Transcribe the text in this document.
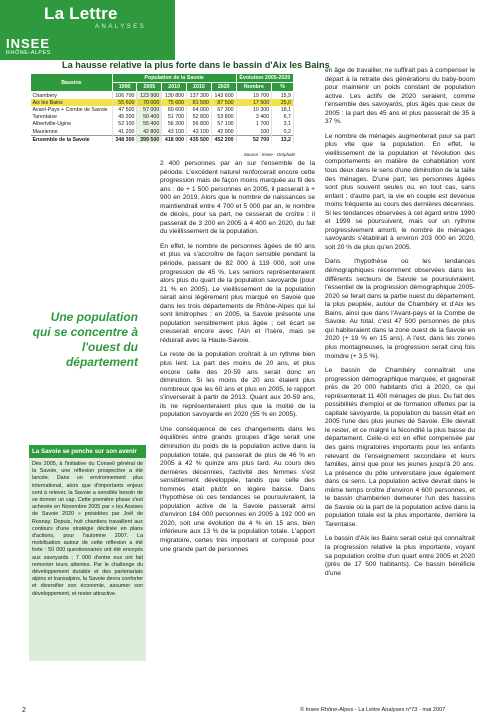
La Lettre
ANALYSES
INSEE
RHÔNE-ALPES
La hausse relative la plus forte dans le bassin d'Aix les Bains
Bassins	Population de la Savoie					Évolution 2005-2020	
	1990	2005	2010	2015	2020	Nombre	%
Chambéry	106 700	123 900	130 800	137 300	143 600	19 700	15,9
Aix les Bains	55 600	70 000	75 600	81 500	87 500	17 500	25,0
Avant-Pays + Combe de Savoie	47 500	57 000	60 600	64 000	67 300	10 300	18,1
Tarentaise	45 200	50 400	51 700	52 800	53 800	3 400	6,7
Albertville-Ugine	52 100	55 400	56 200	56 800	57 100	1 700	3,1
Maurienne	41 200	42 800	43 100	43 100	42 900	100	0,2
Ensemble de la Savoie	348 300	399 500	418 000	435 500	452 200	52 700	13,2
Source : Insee - Omphale
Une population qui se concentre à l'ouest du département
La Savoie se penche sur son avenir
Dès 2005, à l'initiative du Conseil général de la Savoie, une réflexion prospective a été lancée. Dans un environnement plus international, alors que d'importants enjeux sont à relever, la Savoie a sensible besoin de se donner un cap. Cette première phase s'est achevée en Novembre 2005 par « les Assises de Savoie 2020 » présidées par Joël de Rosnay. Depuis, huit chantiers travaillent aux contours d'une stratégie déclinée en plans d'actions, pour l'automne 2007. La mobilisation autour de cette réflexion a été forte : 50 000 questionnaires ont été envoyés aux savoyards ; 7 000 d'entre eux ont fait remonter leurs attentes. Par le challenge du développement durable et des partenariats alpins et transalpins, la Savoie devra conforter et diversifier son économie, assumer son développement, et rester attractive.

2 400 personnes par an sur l'ensemble de la période. L'excédent naturel renforcerait encore cette progression mais de façon moins marquée au fil des ans : de + 1 500 personnes en 2005, il passerait à + 900 en 2019. Alors que le nombre de naissances se maintiendrait entre 4 700 et 5 000 par an, le nombre de décès, pour sa part, ne cesserait de croître : il passerait de 3 200 en 2005 à 4 400 en 2020, du fait du vieillissement de la population.

En effet, le nombre de personnes âgées de 60 ans et plus va s'accroître de façon sensible pendant la période, passant de 82 000 à 119 000, soit une progression de 45 %. Les seniors représenteraient alors plus du quart de la population savoyarde (pour 21 % en 2005). Le vieillissement de la population serait ainsi légèrement plus marqué en Savoie que dans les trois départements de Rhône-Alpes qui lui sont limitrophes : en 2005, la Savoie présente une population sensiblement plus âgée ; cet écart se creuserait encore avec l'Ain et l'Isère, mais se réduirait avec la Haute-Savoie.

Le reste de la population croîtrait à un rythme bien plus lent. La part des moins de 20 ans, et plus encore celle des 20-59 ans serait donc en diminution. Si les moins de 20 ans étaient plus nombreux que les 60 ans et plus en 2005, le rapport s'inverserait à partir de 2013. Quant aux 20-59 ans, ils ne représenteraient plus que la moitié de la population savoyarde en 2020 (55 % en 2005).

Une conséquence de ces changements dans les équilibres entre grands groupes d'âge serait une diminution du poids de la population active dans la population totale, qui passerait de plus de 46 % en 2005 à 42 % quinze ans plus tard. Au cours des dernières décennies, l'activité des femmes s'est sensiblement développée, tandis que celle des hommes était plutôt en légère baisse. Dans l'hypothèse où ces tendances se poursuivraient, la population active de la Savoie passerait ainsi d'environ 184 000 personnes en 2005 à 192 000 en 2020, soit une évolution de 4 % en 15 ans, bien inférieure aux 13 % de la population totale. L'apport migratoire, certes très important et composé pour une grande part de personnes

en âge de travailler, ne suffirait pas à compenser le départ à la retraite des générations du baby-boom pour maintenir un poids constant de population active. Les actifs de 2020 seraient, comme l'ensemble des savoyards, plus âgés que ceux de 2005 : la part des 45 ans et plus passerait de 35 à 37 %.

Le nombre de ménages augmenterait pour sa part plus vite que la population. En effet, le vieillissement de la population et l'évolution des comportements en matière de cohabitation vont tous deux dans le sens d'une diminution de la taille des ménages. D'une part, les personnes âgées sont plus souvent seules ou, en tout cas, sans enfant ; d'autre part, la vie en couple est devenue moins fréquente au cours des dernières décennies. Si les tendances observées à cet égard entre 1990 et 1999 se poursuivent, mais sur un rythme progressivement amorti, le nombre de ménages savoyards s'établirait à environ 203 000 en 2020, soit 20 % de plus qu'en 2005.

Dans l'hypothèse où les tendances démographiques récemment observées dans les différents secteurs de Savoie se poursuivraient, l'essentiel de la progression démographique 2005-2020 se ferait dans la partie ouest du département, la plus peuplée, autour de Chambéry et d'Aix les Bains, ainsi que dans l'Avant-pays et la Combe de Savoie. Au total, c'est 47 500 personnes de plus qui habiteraient dans la zone ouest de la Savoie en 2020 (+ 19 % en 15 ans). A l'est, dans les zones plus montagneuses, la progression serait cinq fois moindre (+ 3,5 %).

Le bassin de Chambéry connaîtrait une progression démographique marquée, et gagnerait près de 20 000 habitants d'ici à 2020, ce qui représenterait 11 400 ménages de plus. Du fait des possibilités d'emploi et de formation offertes par la capitale savoyarde, la population du bassin était en 2005 l'une des plus jeunes de Savoie. Elle devrait le rester, et ce malgré la fécondité la plus basse du département. Celle-ci est en effet compensée par des gains migratoires importants pour les enfants relevant de l'enseignement secondaire et leurs familles, ainsi que pour les jeunes jusqu'à 20 ans. La présence du pôle universitaire joue également dans ce sens. La population active devrait dans le même temps croître d'environ 4 600 personnes, et le bassin chambérien demeurer l'un des bassins de Savoie où la part de la population active dans la population totale est la plus importante, derrière la Tarentaise.

Le bassin d'Aix les Bains serait celui qui connaîtrait la progression relative la plus importante, voyant sa population croître d'un quart entre 2005 et 2020 (près de 17 500 habitants). Ce bassin bénéficie d'une

2	© Insee Rhône-Alpes - La Lettre Analyses n°73 - mai 2007
